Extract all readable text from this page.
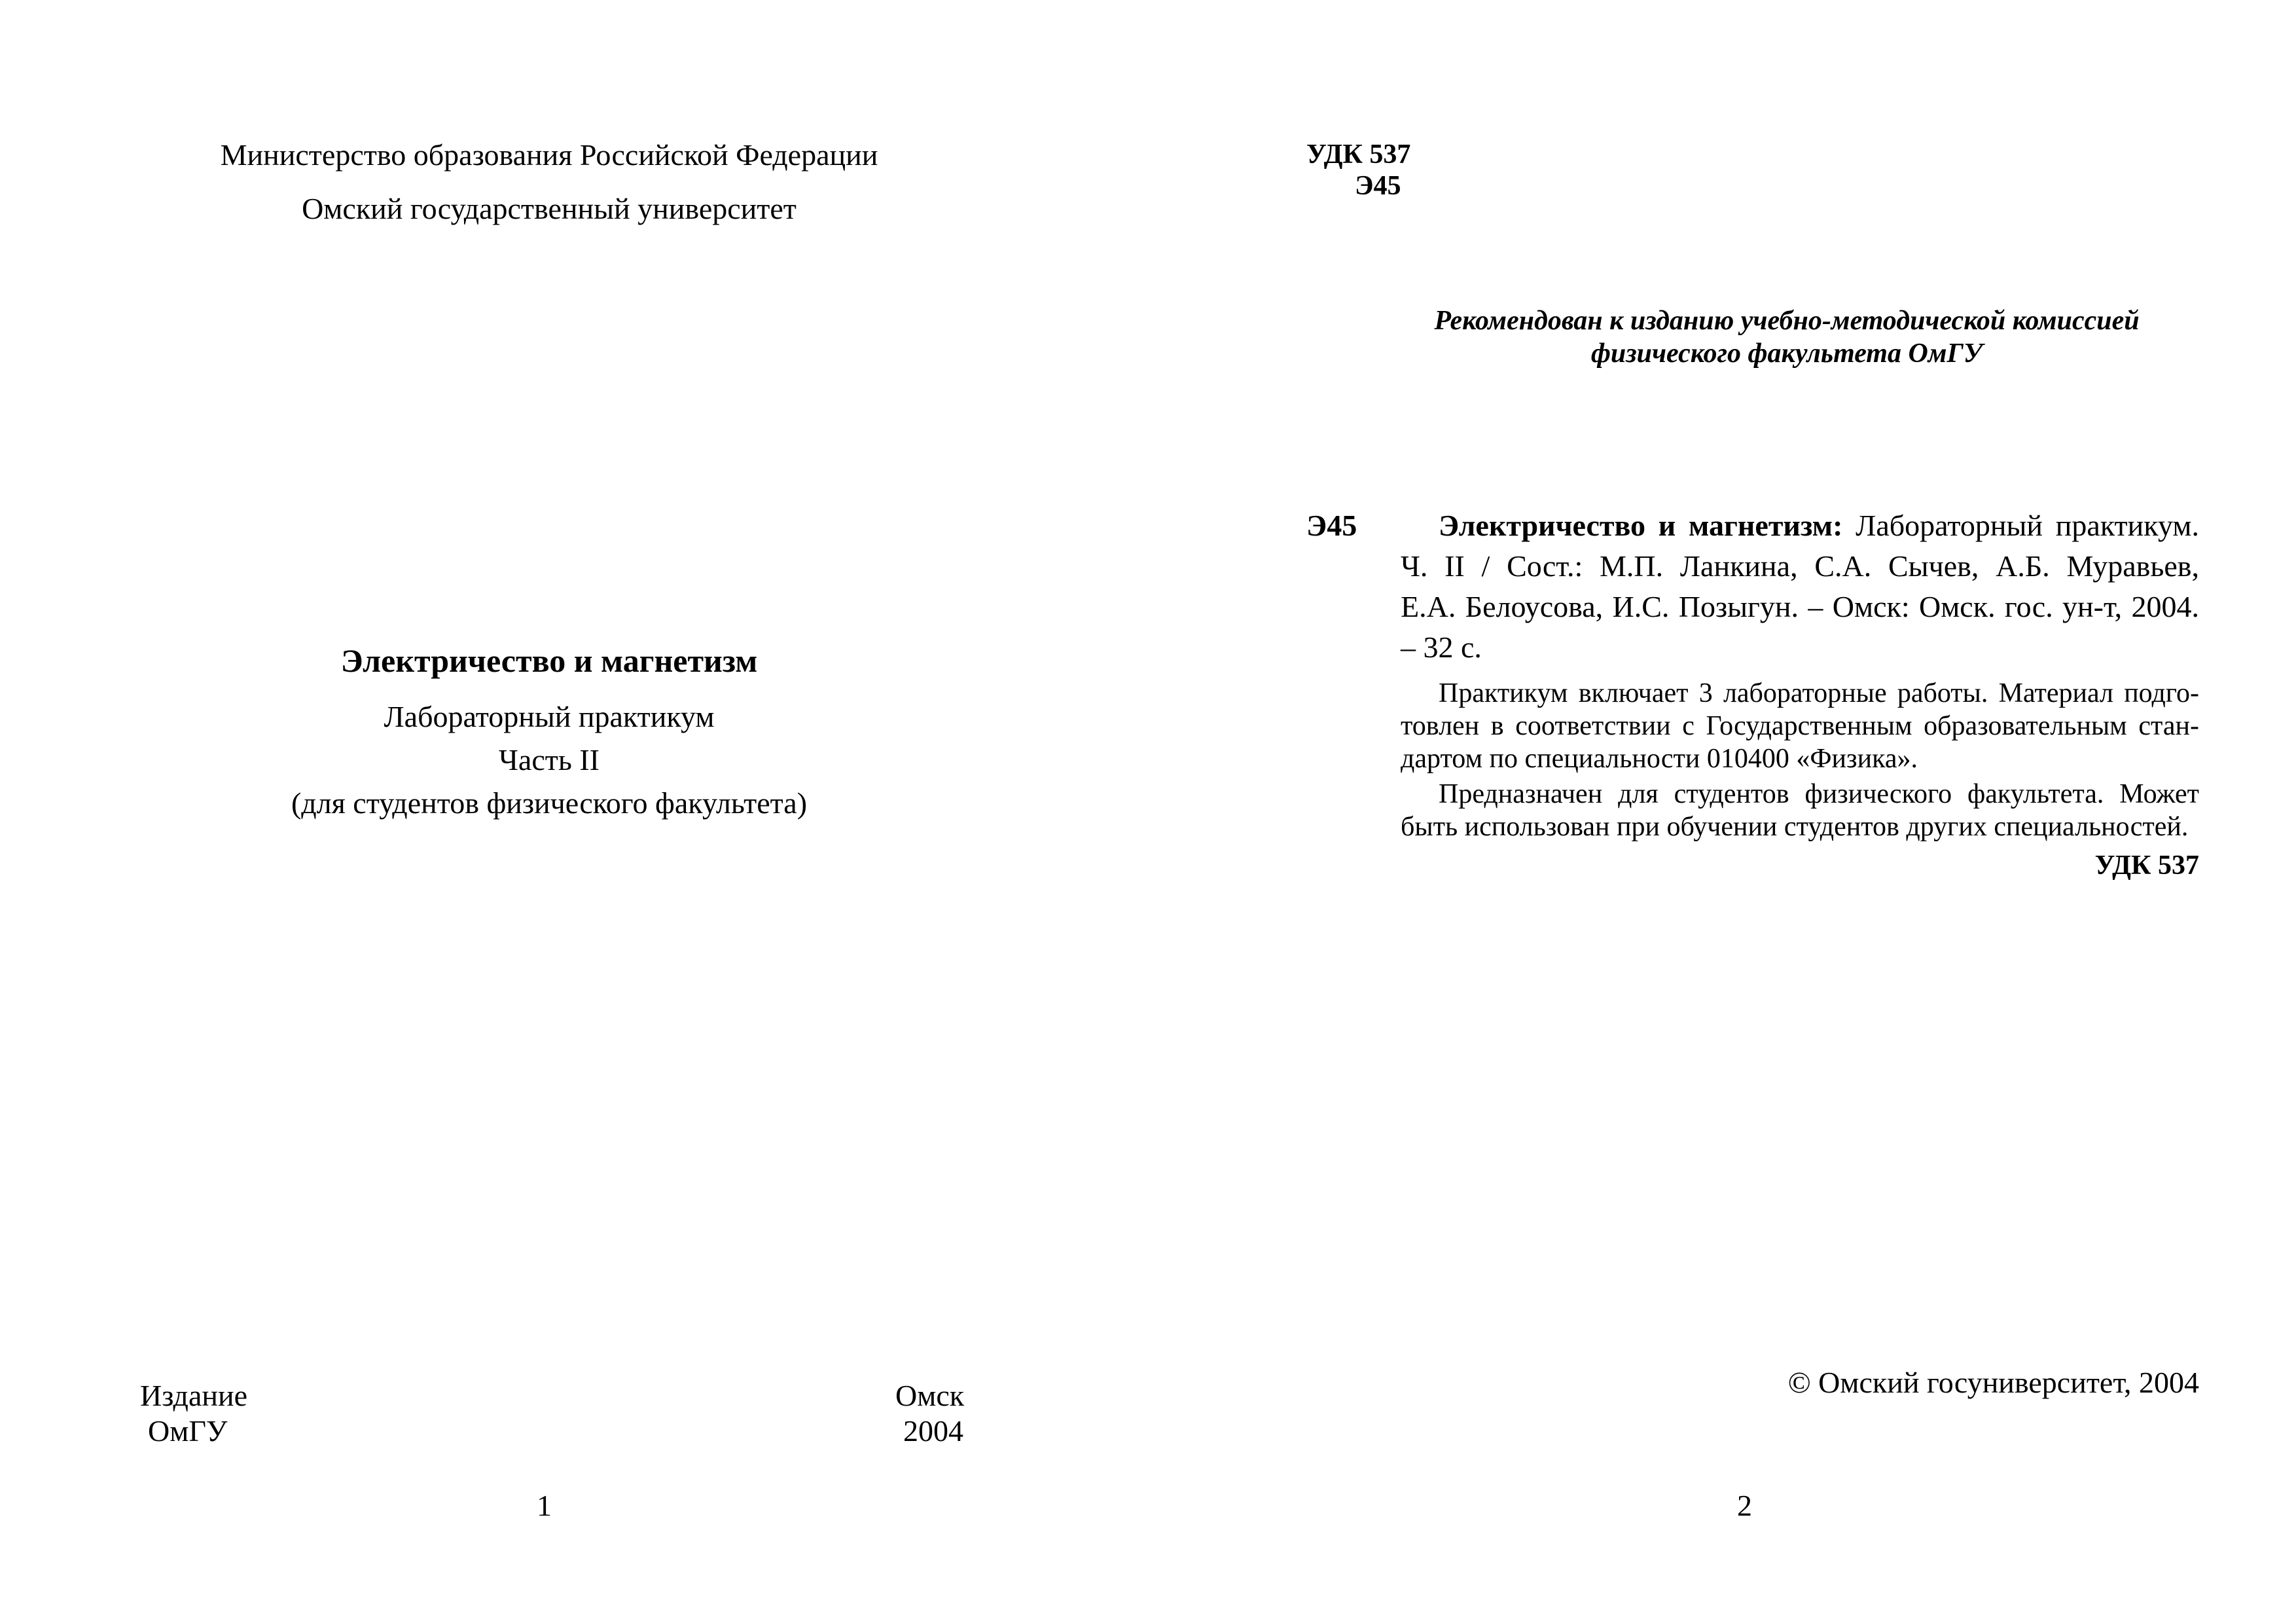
Министерство образования Российской Федерации
Омский государственный университет
Электричество и магнетизм
Лабораторный практикум
Часть II
(для студентов физического факультета)
Издание
ОмГУ
Омск
2004
1
УДК 537
Э45
Рекомендован к изданию учебно-методической комиссией
физического факультета ОмГУ
Э45	Электричество и магнетизм: Лабораторный практикум.
Ч. II / Сост.: М.П. Ланкина, С.А. Сычев, А.Б. Муравьев,
Е.А. Белоусова, И.С. Позыгун. – Омск: Омск. гос. ун-т, 2004.
– 32 с.
Практикум включает 3 лабораторные работы. Материал подго-
товлен в соответствии с Государственным образовательным стан-
дартом по специальности 010400 «Физика».
Предназначен для студентов физического факультета. Может
быть использован при обучении студентов других специальностей.
УДК 537
© Омский госуниверситет, 2004
2
